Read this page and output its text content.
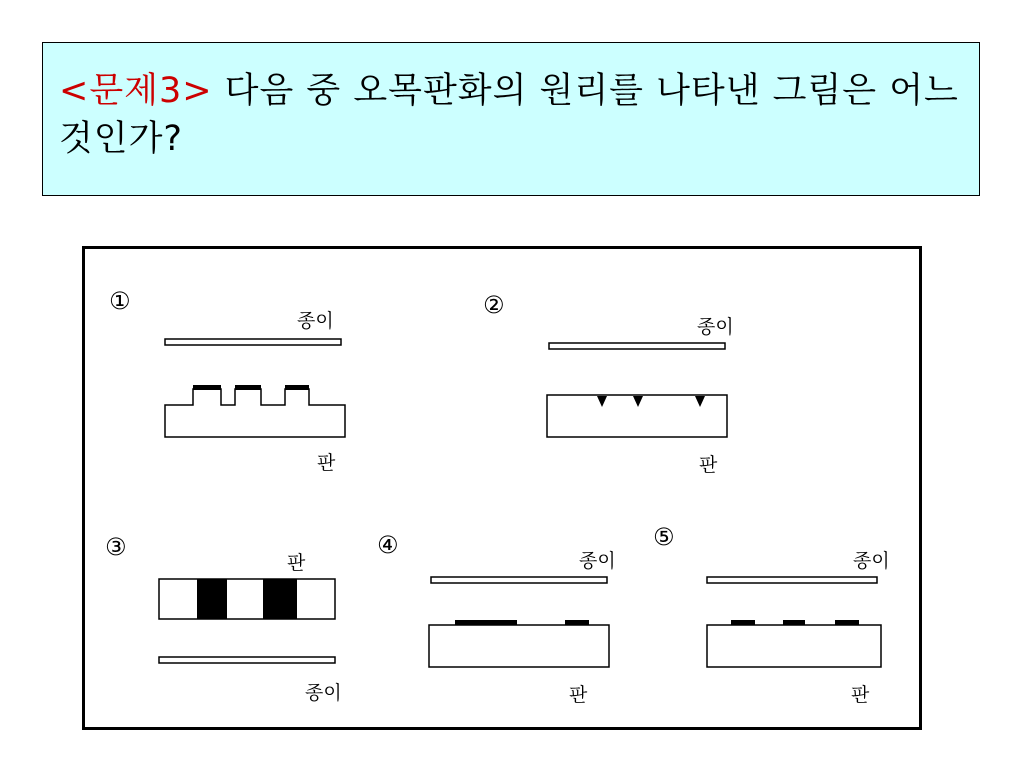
<문제3> 다음 중 오목판화의 원리를 나타낸 그림은 어느것인가?

①
종이
판
②
종이
판
③
판
종이
④
종이
판
⑤
종이
판
